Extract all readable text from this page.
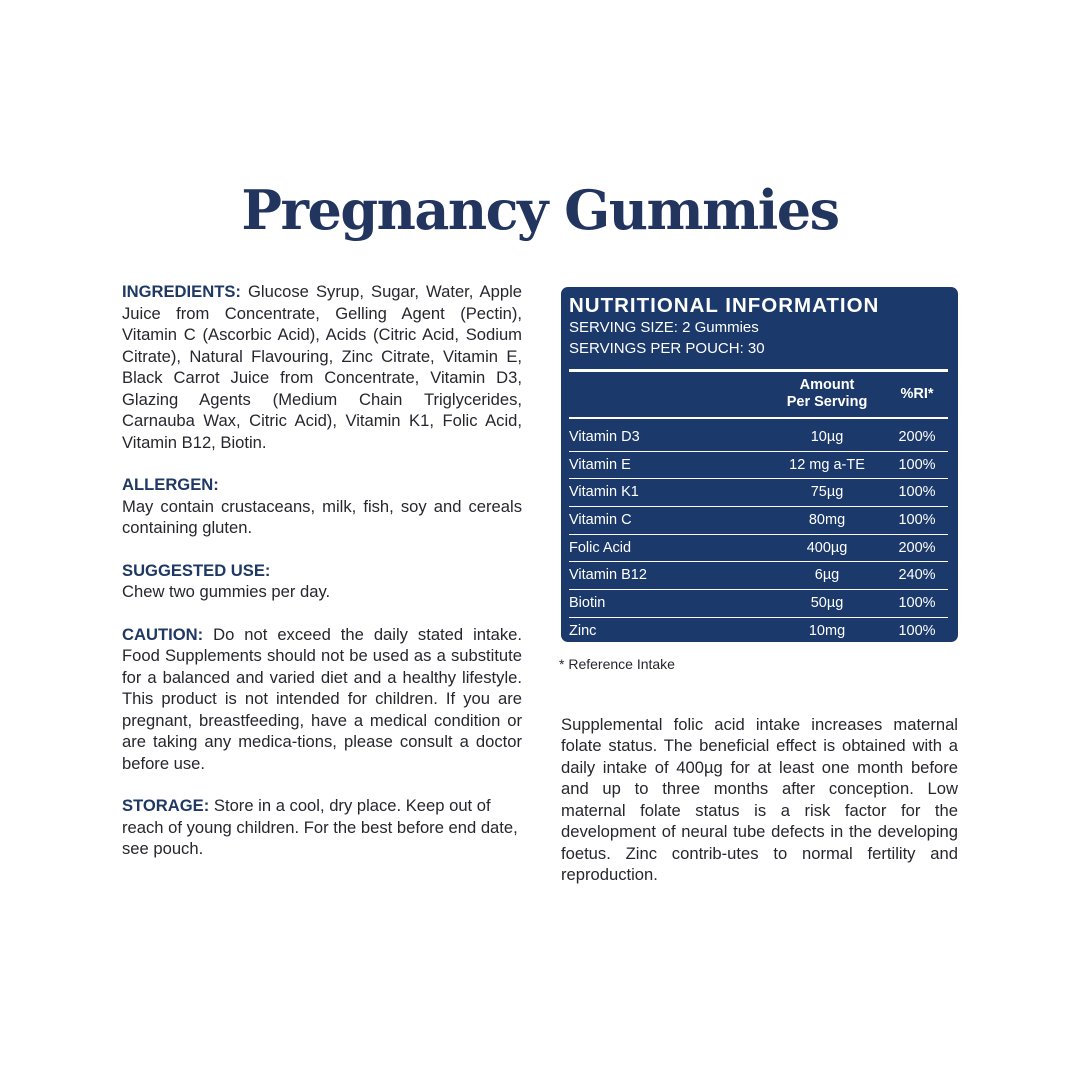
Pregnancy Gummies

INGREDIENTS: Glucose Syrup, Sugar, Water, Apple Juice from Concentrate, Gelling Agent (Pectin), Vitamin C (Ascorbic Acid), Acids (Citric Acid, Sodium Citrate), Natural Flavouring, Zinc Citrate, Vitamin E, Black Carrot Juice from Concentrate, Vitamin D3, Glazing Agents (Medium Chain Triglycerides, Carnauba Wax, Citric Acid), Vitamin K1, Folic Acid, Vitamin B12, Biotin.

ALLERGEN:
May contain crustaceans, milk, fish, soy and cereals containing gluten.

SUGGESTED USE:
Chew two gummies per day.

CAUTION: Do not exceed the daily stated intake. Food Supplements should not be used as a substitute for a balanced and varied diet and a healthy lifestyle. This product is not intended for children. If you are pregnant, breastfeeding, have a medical condition or are taking any medica-tions, please consult a doctor before use.

STORAGE: Store in a cool, dry place. Keep out of reach of young children. For the best before end date, see pouch.

NUTRITIONAL INFORMATION
SERVING SIZE: 2 Gummies
SERVINGS PER POUCH: 30
Amount
Per Serving	%RI*
Vitamin D3	10µg	200%
Vitamin E	12 mg a-TE	100%
Vitamin K1	75µg	100%
Vitamin C	80mg	100%
Folic Acid	400µg	200%
Vitamin B12	6µg	240%
Biotin	50µg	100%
Zinc	10mg	100%
* Reference Intake

Supplemental folic acid intake increases maternal folate status. The beneficial effect is obtained with a daily intake of 400µg for at least one month before and up to three months after conception. Low maternal folate status is a risk factor for the development of neural tube defects in the developing foetus. Zinc contrib-utes to normal fertility and reproduction.
